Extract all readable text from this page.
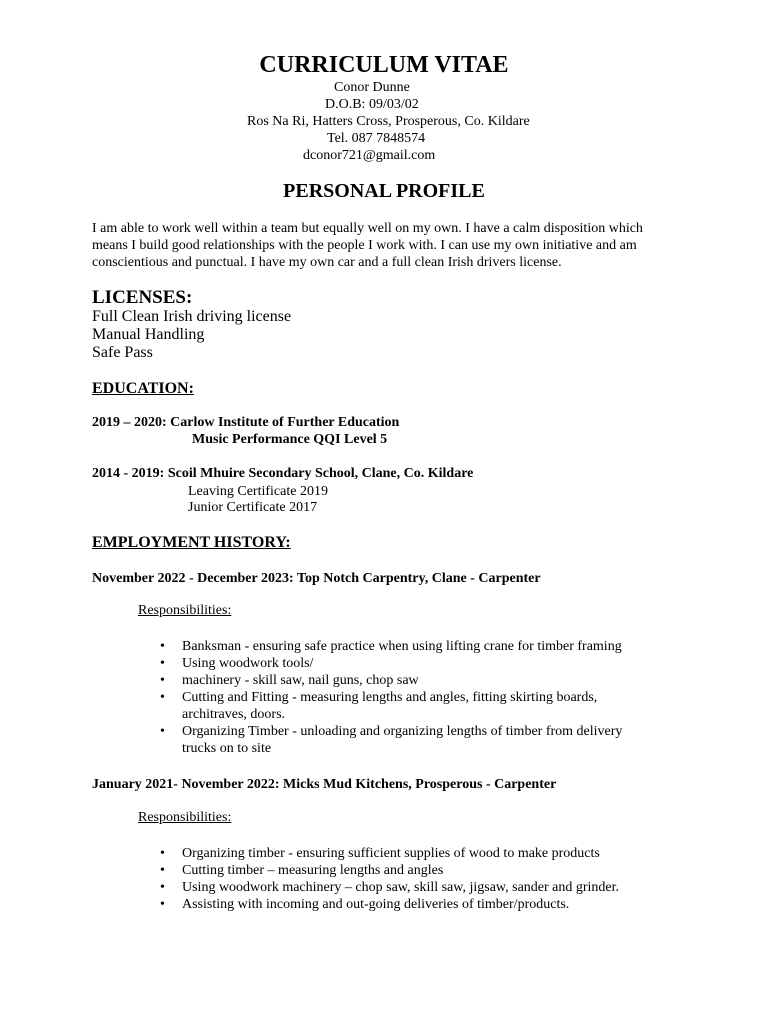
CURRICULUM VITAE
Conor Dunne
D.O.B: 09/03/02
Ros Na Ri, Hatters Cross, Prosperous, Co. Kildare
Tel. 087 7848574
dconor721@gmail.com
PERSONAL PROFILE
I am able to work well within a team but equally well on my own. I have a calm disposition which
means I build good relationships with the people I work with. I can use my own initiative and am
conscientious and punctual. I have my own car and a full clean Irish drivers license.
LICENSES:
Full Clean Irish driving license
Manual Handling
Safe Pass
EDUCATION:
2019 – 2020: Carlow Institute of Further Education
Music Performance QQI Level 5
2014 - 2019: Scoil Mhuire Secondary School, Clane, Co. Kildare
Leaving Certificate 2019
Junior Certificate 2017
EMPLOYMENT HISTORY:
November 2022 - December 2023: Top Notch Carpentry, Clane - Carpenter
Responsibilities:
• Banksman - ensuring safe practice when using lifting crane for timber framing
• Using woodwork tools/
• machinery - skill saw, nail guns, chop saw
• Cutting and Fitting - measuring lengths and angles, fitting skirting boards,
architraves, doors.
• Organizing Timber - unloading and organizing lengths of timber from delivery
trucks on to site
January 2021- November 2022: Micks Mud Kitchens, Prosperous - Carpenter
Responsibilities:
• Organizing timber - ensuring sufficient supplies of wood to make products
• Cutting timber – measuring lengths and angles
• Using woodwork machinery – chop saw, skill saw, jigsaw, sander and grinder.
• Assisting with incoming and out-going deliveries of timber/products.
